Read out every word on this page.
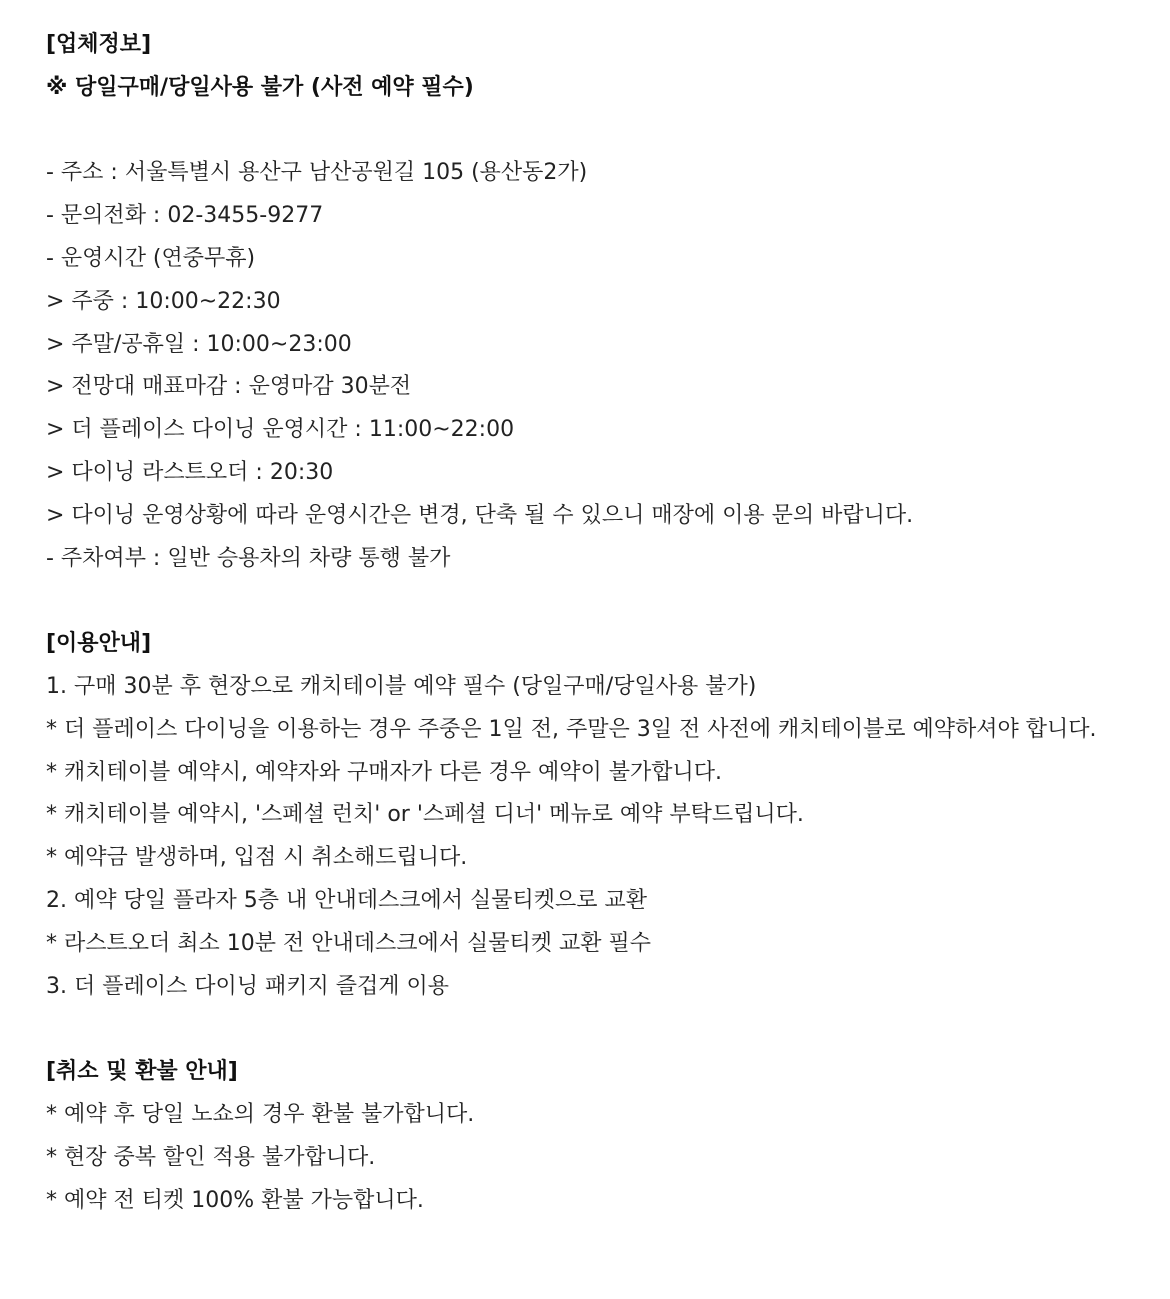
[업체정보]

※ 당일구매/당일사용 불가 (사전 예약 필수)

- 주소 : 서울특별시 용산구 남산공원길 105 (용산동2가)

- 문의전화 : 02-3455-9277

- 운영시간 (연중무휴)

> 주중 : 10:00~22:30

> 주말/공휴일 : 10:00~23:00

> 전망대 매표마감 : 운영마감 30분전

> 더 플레이스 다이닝 운영시간 : 11:00~22:00

> 다이닝 라스트오더 : 20:30

> 다이닝 운영상황에 따라 운영시간은 변경, 단축 될 수 있으니 매장에 이용 문의 바랍니다.

- 주차여부 : 일반 승용차의 차량 통행 불가

[이용안내]

1. 구매 30분 후 현장으로 캐치테이블 예약 필수 (당일구매/당일사용 불가)

* 더 플레이스 다이닝을 이용하는 경우 주중은 1일 전, 주말은 3일 전 사전에 캐치테이블로 예약하셔야 합니다.

* 캐치테이블 예약시, 예약자와 구매자가 다른 경우 예약이 불가합니다.

* 캐치테이블 예약시, '스페셜 런치' or '스페셜 디너' 메뉴로 예약 부탁드립니다.

* 예약금 발생하며, 입점 시 취소해드립니다.

2. 예약 당일 플라자 5층 내 안내데스크에서 실물티켓으로 교환

* 라스트오더 최소 10분 전 안내데스크에서 실물티켓 교환 필수

3. 더 플레이스 다이닝 패키지 즐겁게 이용

[취소 및 환불 안내]

* 예약 후 당일 노쇼의 경우 환불 불가합니다.

* 현장 중복 할인 적용 불가합니다.

* 예약 전 티켓 100% 환불 가능합니다.
